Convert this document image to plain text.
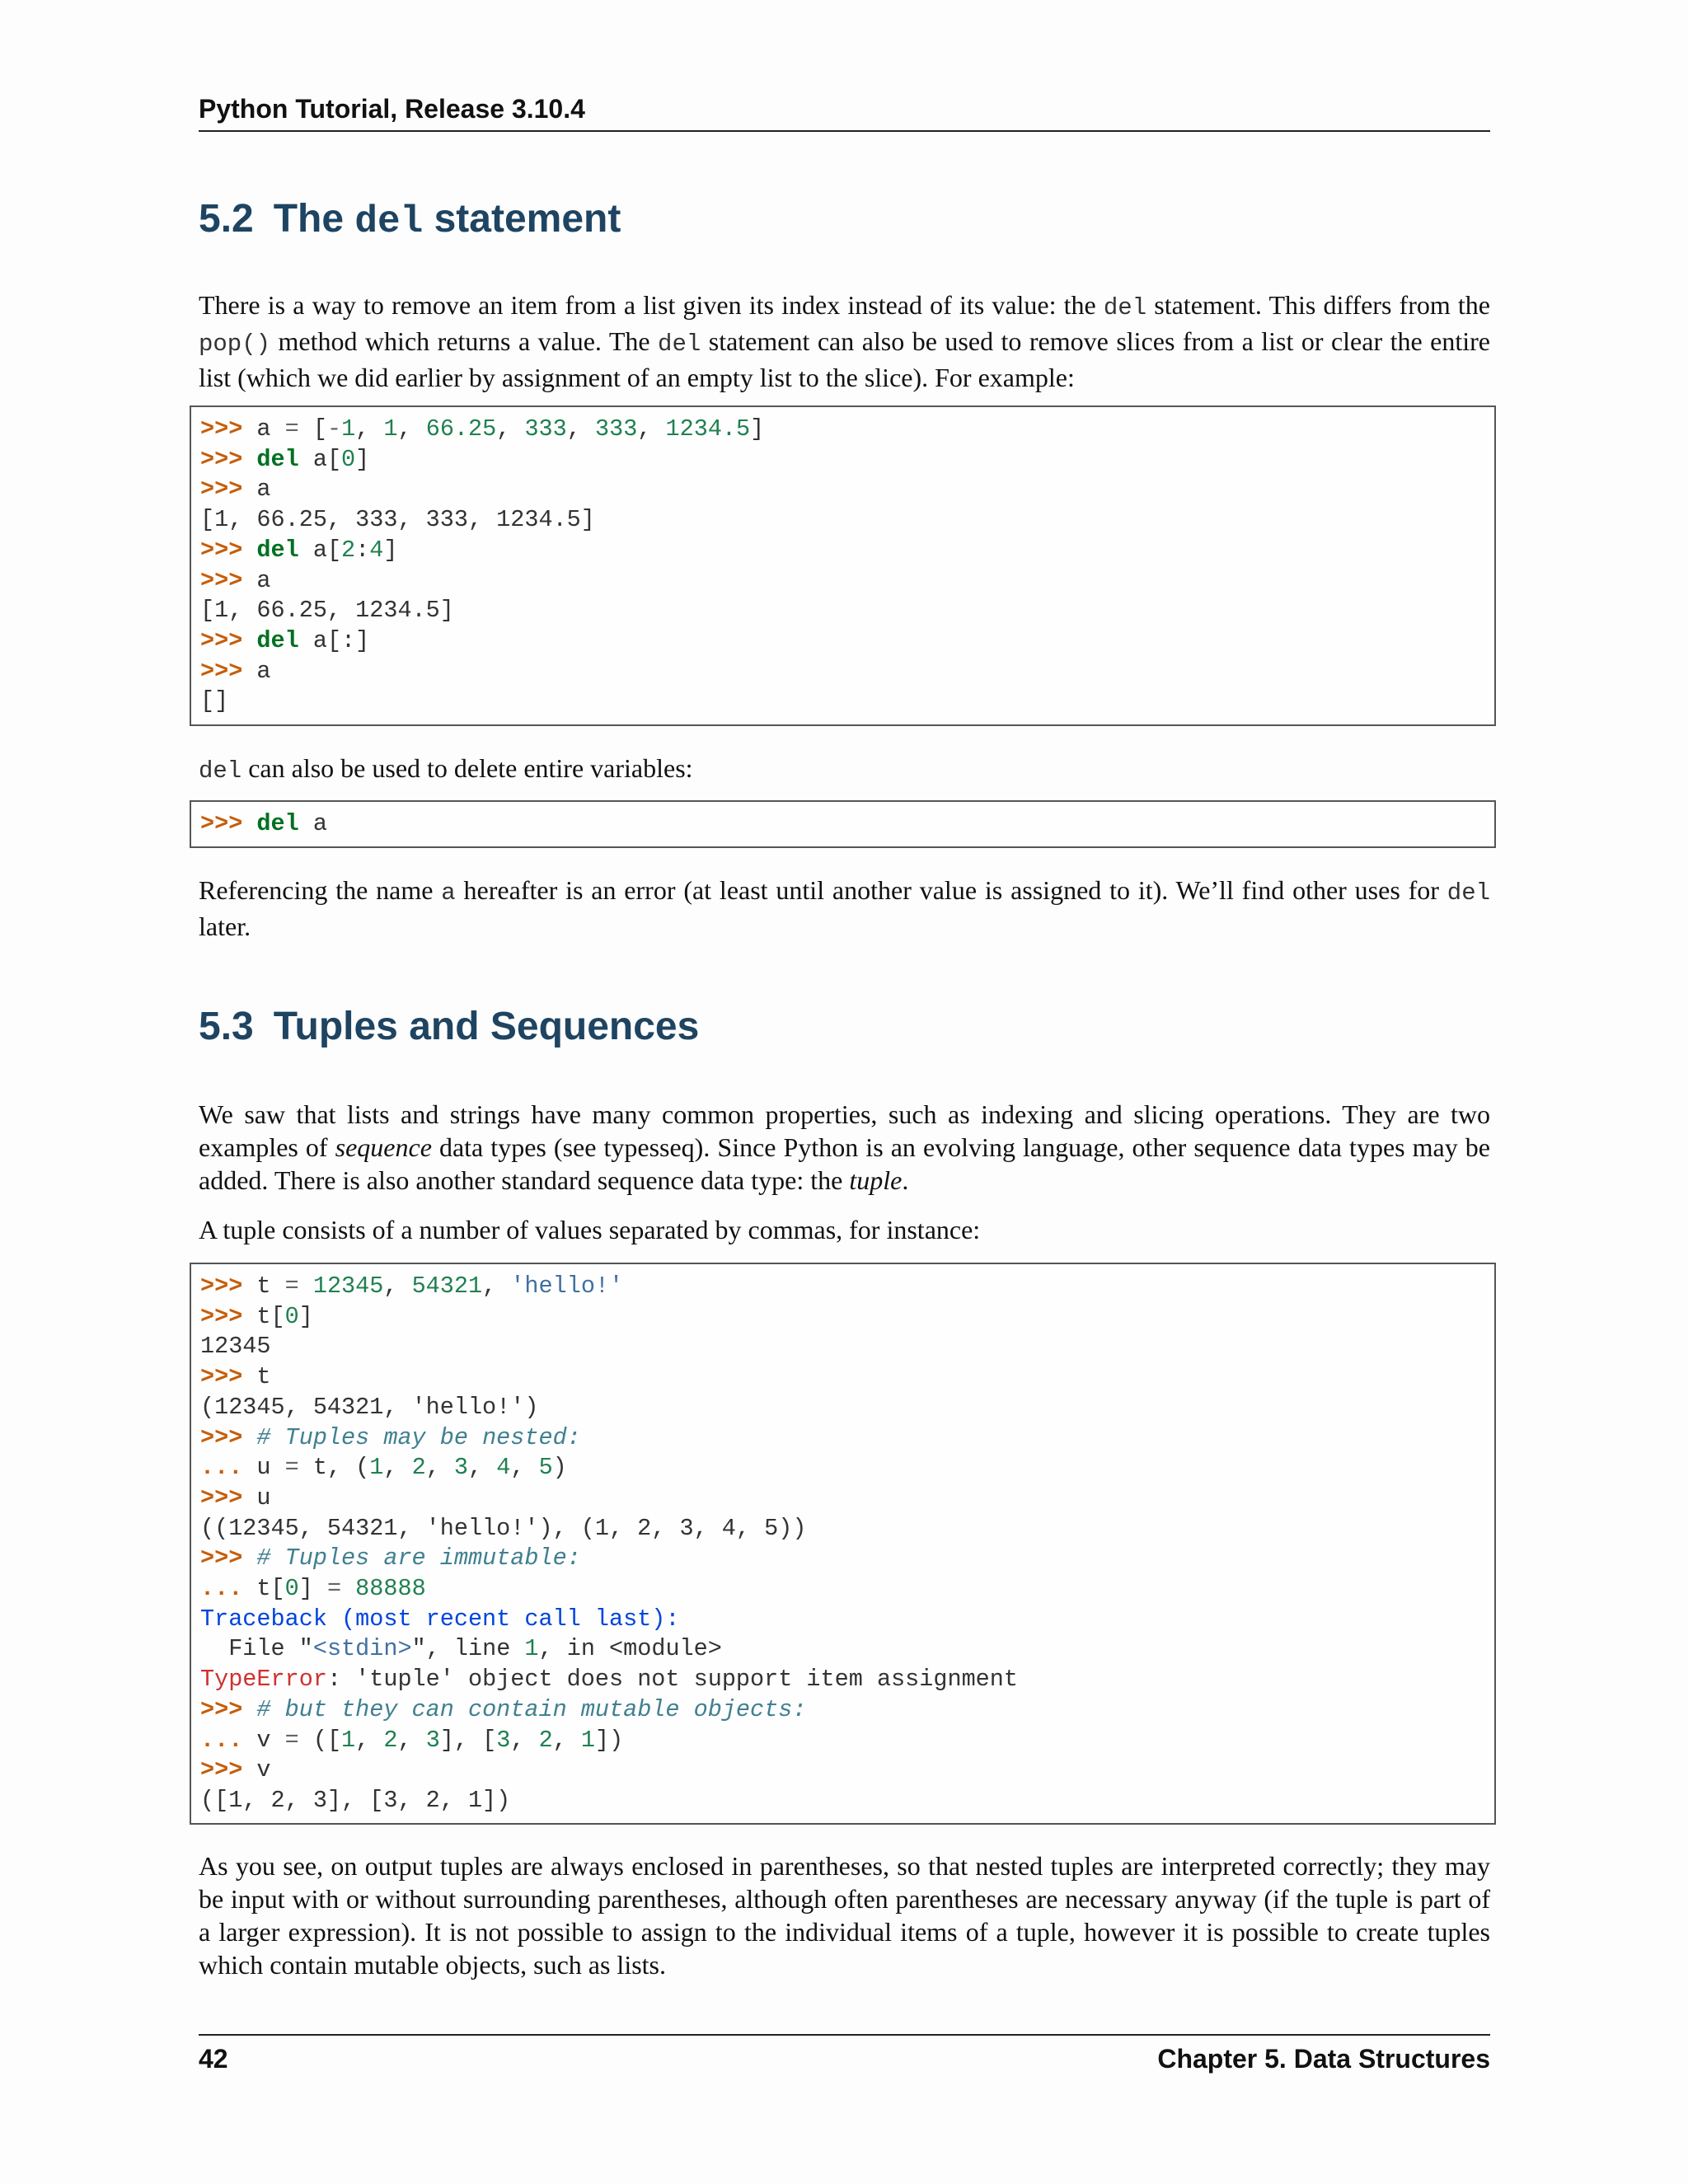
Python Tutorial, Release 3.10.4
5.2 The del statement

There is a way to remove an item from a list given its index instead of its value: the del statement. This differs from the pop() method which returns a value. The del statement can also be used to remove slices from a list or clear the entire list (which we did earlier by assignment of an empty list to the slice). For example:

>>> a = [-1, 1, 66.25, 333, 333, 1234.5]
>>> del a[0]
>>> a
[1, 66.25, 333, 333, 1234.5]
>>> del a[2:4]
>>> a
[1, 66.25, 1234.5]
>>> del a[:]
>>> a
[]

del can also be used to delete entire variables:

>>> del a

Referencing the name a hereafter is an error (at least until another value is assigned to it). We’ll find other uses for del later.

5.3 Tuples and Sequences

We saw that lists and strings have many common properties, such as indexing and slicing operations. They are two examples of sequence data types (see typesseq). Since Python is an evolving language, other sequence data types may be added. There is also another standard sequence data type: the tuple.

A tuple consists of a number of values separated by commas, for instance:

>>> t = 12345, 54321, 'hello!'
>>> t[0]
12345
>>> t
(12345, 54321, 'hello!')
>>> # Tuples may be nested:
... u = t, (1, 2, 3, 4, 5)
>>> u
((12345, 54321, 'hello!'), (1, 2, 3, 4, 5))
>>> # Tuples are immutable:
... t[0] = 88888
Traceback (most recent call last):
File "<stdin>", line 1, in <module>
TypeError: 'tuple' object does not support item assignment
>>> # but they can contain mutable objects:
... v = ([1, 2, 3], [3, 2, 1])
>>> v
([1, 2, 3], [3, 2, 1])

As you see, on output tuples are always enclosed in parentheses, so that nested tuples are interpreted correctly; they may be input with or without surrounding parentheses, although often parentheses are necessary anyway (if the tuple is part of a larger expression). It is not possible to assign to the individual items of a tuple, however it is possible to create tuples which contain mutable objects, such as lists.

42	Chapter 5. Data Structures
